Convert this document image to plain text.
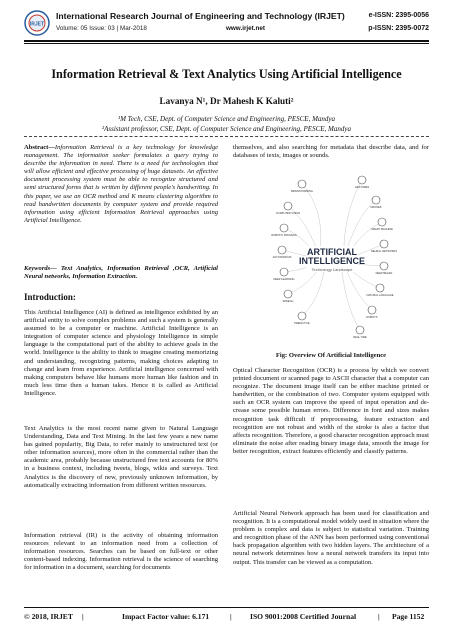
IRJET
International Research Journal of Engineering and Technology (IRJET)
Volume: 05 Issue: 03 | Mar-2018	www.irjet.net
e-ISSN: 2395-0056
p-ISSN: 2395-0072
Information Retrieval & Text Analytics Using Artificial Intelligence
Lavanya N¹, Dr Mahesh K Kaluti²
¹M Tech, CSE, Dept. of Computer Science and Engineering, PESCE, Mandya
²Assistant professor, CSE, Dept. of Computer Science and Engineering, PESCE, Mandya
Abstract—Information Retrieval is a key technology for knowledge management. The information seeker formulates a query trying to describe the information in need. There is a need for technologies that will allow efficient and effective processing of huge datasets. An effective document processing system must be able to recognize structured and semi structured forms that is written by different people's handwriting. In this paper, we use an OCR method and K means clustering algorithm to read handwritten documents by computer system and provide required information using efficient Information Retrieval approaches using Artificial Intelligence.
Keywords— Text Analytics, Information Retrieval ,OCR, Artificial Neural networks, Information Extraction.
Introduction:
This Artificial Intelligence (AI) is defined as intelligence exhibited by an artificial entity to solve complex problems and such a system is generally assumed to be a computer or machine. Artificial Intelligence is an integration of computer science and physiology Intelligence in simple language is the computational part of the ability to achieve goals in the world. Intelligence is the ability to think to imagine creating memorizing and understanding, recognizing patterns, making choices adapting to change and learn from experience. Artificial intelligence concerned with making computers behave like humans more human like fashion and in much less time then a human takes. Hence it is called as Artificial Intelligence.
Text Analytics is the most recent name given to Natural Language Understanding, Data and Text Mining. In the last few years a new name has gained popularity, Big Data, to refer mainly to unstructured text (or other information sources), more often in the commercial rather than the academic area, probably because unstructured free text accounts for 80% in a business context, including tweets, blogs, wikis and surveys. Text Analytics is the discovery of new, previously unknown information, by automatically extracting information from different written resources.
Information retrieval (IR) is the activity of obtaining information resources relevant to an information need from a collection of information resources. Searches can be based on full-text or other content-based indexing. Information retrieval is the science of searching for information in a document, searching for documents
themselves, and also searching for metadata that describe data, and for databases of texts, images or sounds.
BRAINSTORMING
COMPUTER VISION
ROBOTIC PROCESS
AUTONOMOUS
DEEP LEARNING
SPEECH
PREDICTIVE
GESTURES
DRONES
SMART MACHINE
NEURAL NETWORKS
DEEP BELIEF
NATURAL LANGUAGE
ROBOTS
REAL TIME
ARTIFICIAL
INTELLIGENCE
Technology Landscape
Fig: Overview Of Artificial Intelligence
Optical Character Recognition (OCR) is a process by which we convert printed document or scanned page to ASCII character that a computer can recognize. The document image itself can be either machine printed or handwritten, or the combination of two. Computer system equipped with such an OCR system can improve the speed of input operation and de-crease some possible human errors. Difference in font and sizes makes recognition task difficult if preprocessing, feature extraction and recognition are not robust and width of the stroke is also a factor that affects recognition. Therefore, a good character recognition approach must eliminate the noise after reading binary image data, smooth the image for better recognition, extract features efficiently and classify patterns.
Artificial Neural Network approach has been used for classification and recognition. It is a computational model widely used in situation where the problem is complex and data is subject to statistical variation. Training and recognition phase of the ANN has been performed using conventional back propagation algorithm with two hidden layers. The architecture of a neural network determines how a neural network transfers its input into output. This transfer can be viewed as a computation.
© 2018, IRJET |	Impact Factor value: 6.171	| ISO 9001:2008 Certified Journal	| Page 1152
